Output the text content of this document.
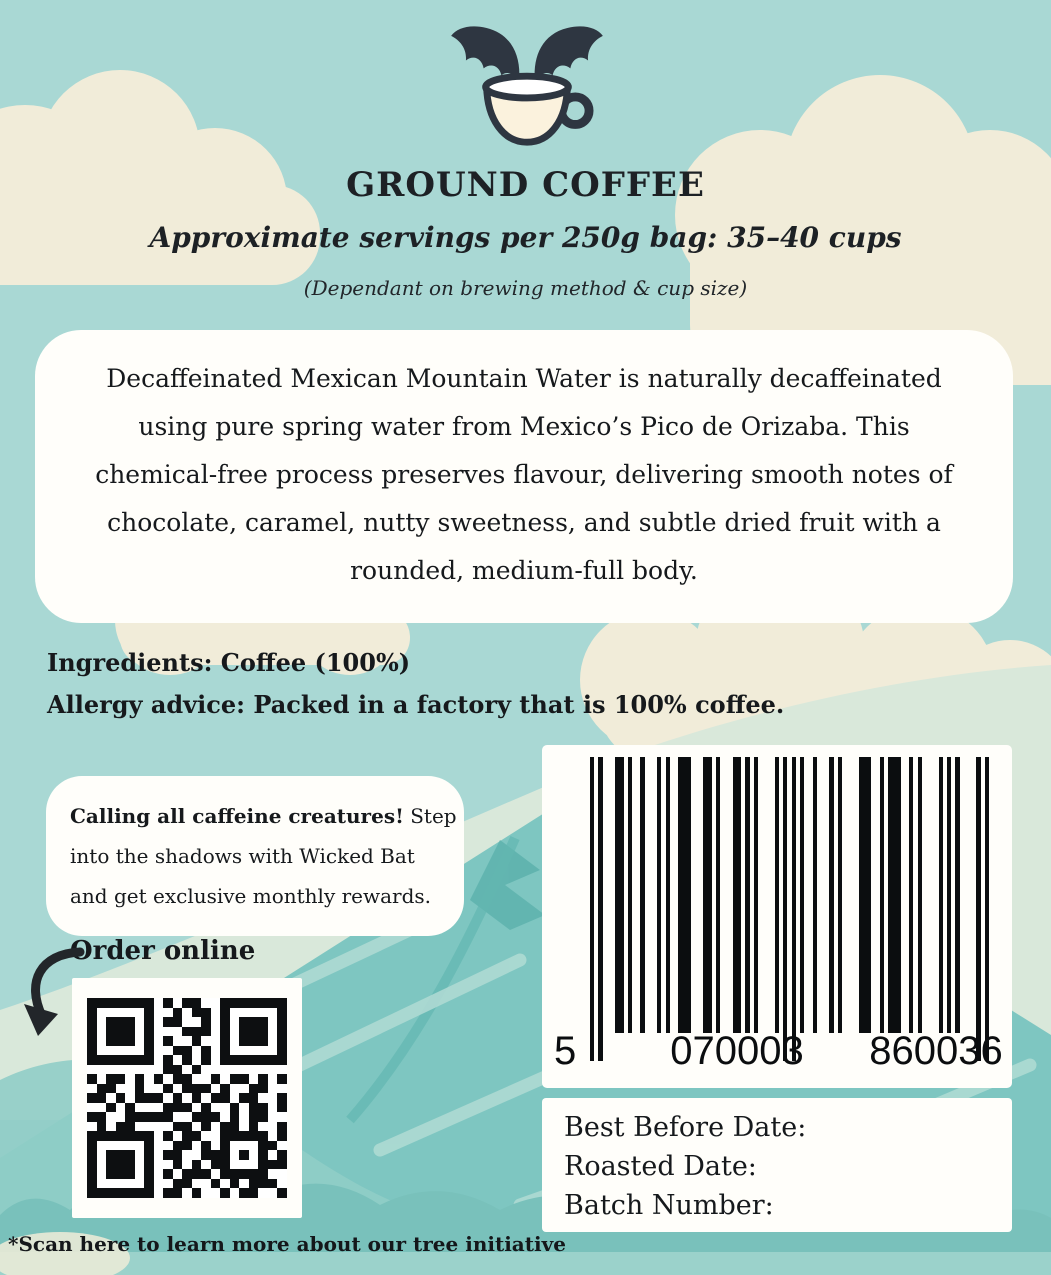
GROUND COFFEE
Approximate servings per 250g bag: 35–40 cups
(Dependant on brewing method & cup size)
Decaffeinated Mexican Mountain Water is naturally decaffeinated using pure spring water from Mexico’s Pico de Orizaba. This chemical-free process preserves flavour, delivering smooth notes of chocolate, caramel, nutty sweetness, and subtle dried fruit with a rounded, medium-full body.
Ingredients: Coffee (100%)
Allergy advice: Packed in a factory that is 100% coffee.
5 070003 860036
Calling all caffeine creatures! Step
into the shadows with Wicked Bat
and get exclusive monthly rewards.
Order online
Best Before Date:
Roasted Date:
Batch Number:
*Scan here to learn more about our tree initiative
